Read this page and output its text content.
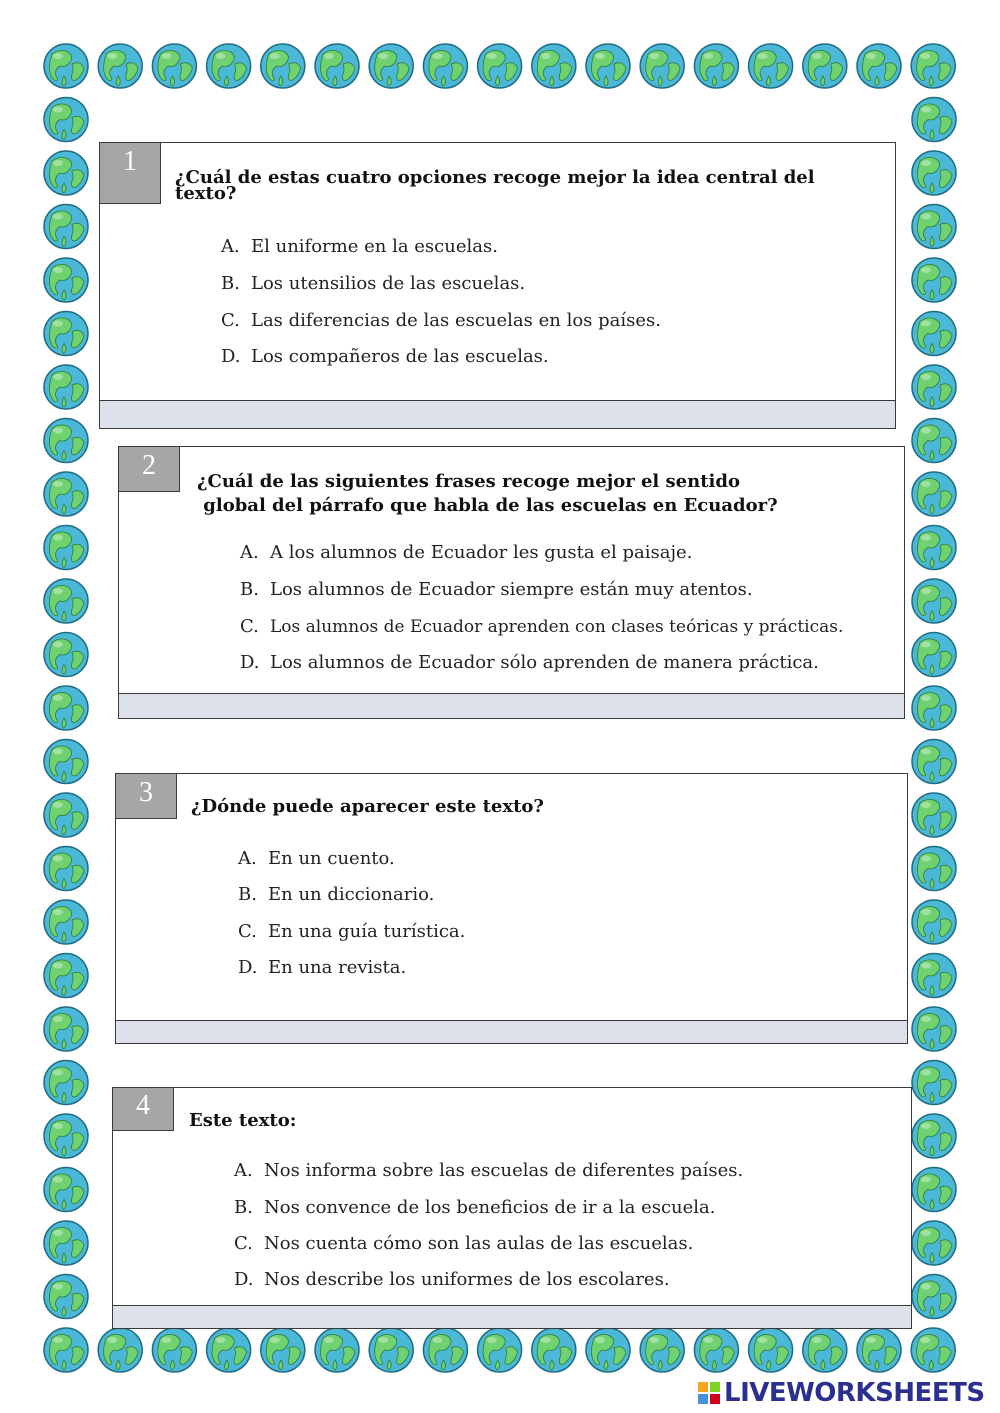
1
¿Cuál de estas cuatro opciones recoge mejor la idea central del
texto?
A. El uniforme en la escuelas.
B. Los utensilios de las escuelas.
C. Las diferencias de las escuelas en los países.
D. Los compañeros de las escuelas.
2
¿Cuál de las siguientes frases recoge mejor el sentido
global del párrafo que habla de las escuelas en Ecuador?
A. A los alumnos de Ecuador les gusta el paisaje.
B. Los alumnos de Ecuador siempre están muy atentos.
C. Los alumnos de Ecuador aprenden con clases teóricas y prácticas.
D. Los alumnos de Ecuador sólo aprenden de manera práctica.
3	¿Dónde puede aparecer este texto?
A. En un cuento.
B. En un diccionario.
C. En una guía turística.
D. En una revista.
4	Este texto:
A. Nos informa sobre las escuelas de diferentes países.
B. Nos convence de los beneficios de ir a la escuela.
C. Nos cuenta cómo son las aulas de las escuelas.
D. Nos describe los uniformes de los escolares.
LIVEWORKSHEETS
